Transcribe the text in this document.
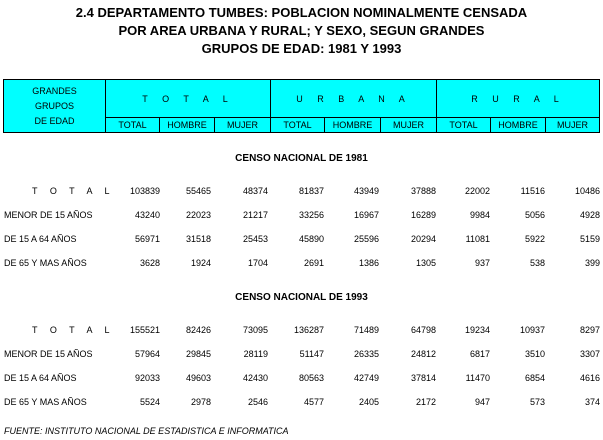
2.4 DEPARTAMENTO TUMBES: POBLACION NOMINALMENTE CENSADA
POR AREA URBANA Y RURAL; Y SEXO, SEGUN GRANDES
GRUPOS DE EDAD: 1981 Y 1993
GRANDES
GRUPOS
DE EDAD
T O T A L	U R B A N A	R U R A L
TOTAL	HOMBRE	MUJER	TOTAL	HOMBRE	MUJER	TOTAL	HOMBRE	MUJER
CENSO NACIONAL DE 1981
T O T A L 103839	55465	48374	81837	43949	37888	22002	11516	10486
MENOR DE 15 AÑOS	43240	22023	21217	33256	16967	16289	9984	5056	4928
DE 15 A 64 AÑOS	56971	31518	25453	45890	25596	20294	11081	5922	5159
DE 65 Y MAS AÑOS	3628	1924	1704	2691	1386	1305	937	538	399
CENSO NACIONAL DE 1993
T O T A L 155521	82426	73095	136287	71489	64798	19234	10937	8297
MENOR DE 15 AÑOS	57964	29845	28119	51147	26335	24812	6817	3510	3307
DE 15 A 64 AÑOS	92033	49603	42430	80563	42749	37814	11470	6854	4616
DE 65 Y MAS AÑOS	5524	2978	2546	4577	2405	2172	947	573	374
FUENTE: INSTITUTO NACIONAL DE ESTADISTICA E INFORMATICA
